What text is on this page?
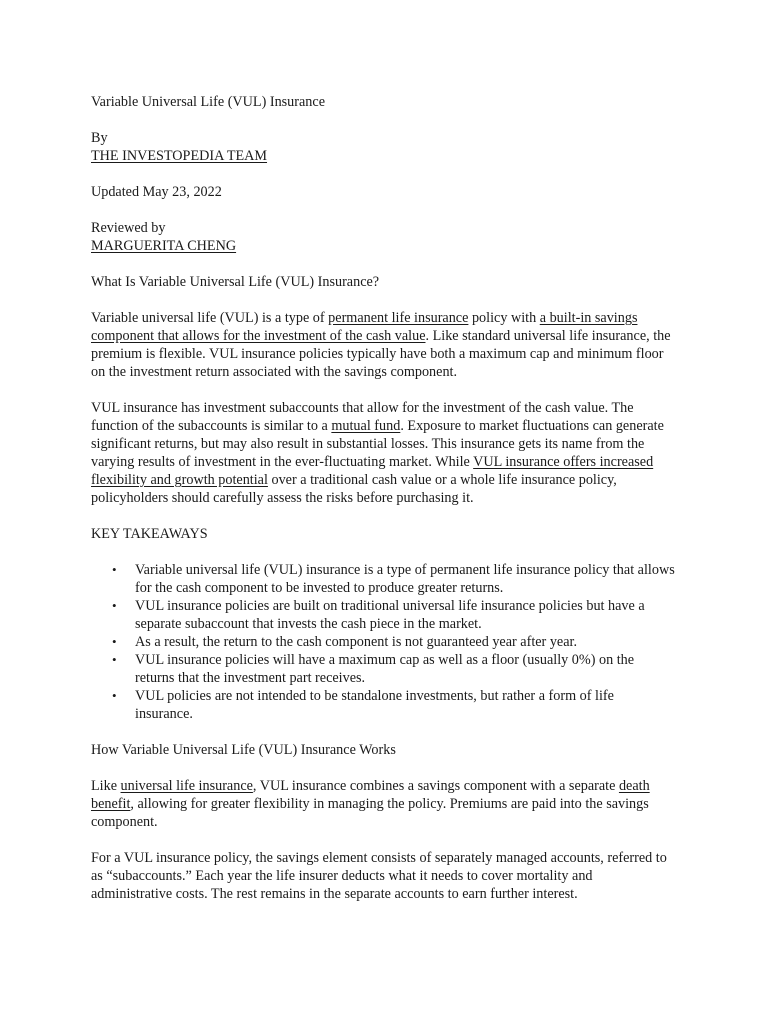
Variable Universal Life (VUL) Insurance

By

THE INVESTOPEDIA TEAM

Updated May 23, 2022

Reviewed by

MARGUERITA CHENG

What Is Variable Universal Life (VUL) Insurance?

Variable universal life (VUL) is a type of permanent life insurance policy with a built-in savings component that allows for the investment of the cash value. Like standard universal life insurance, the premium is flexible. VUL insurance policies typically have both a maximum cap and minimum floor on the investment return associated with the savings component.

VUL insurance has investment subaccounts that allow for the investment of the cash value. The function of the subaccounts is similar to a mutual fund. Exposure to market fluctuations can generate significant returns, but may also result in substantial losses. This insurance gets its name from the varying results of investment in the ever-fluctuating market. While VUL insurance offers increased flexibility and growth potential over a traditional cash value or a whole life insurance policy, policyholders should carefully assess the risks before purchasing it.

KEY TAKEAWAYS

• Variable universal life (VUL) insurance is a type of permanent life insurance policy that allows for the cash component to be invested to produce greater returns.
• VUL insurance policies are built on traditional universal life insurance policies but have a separate subaccount that invests the cash piece in the market.
• As a result, the return to the cash component is not guaranteed year after year.
• VUL insurance policies will have a maximum cap as well as a floor (usually 0%) on the returns that the investment part receives.
• VUL policies are not intended to be standalone investments, but rather a form of life insurance.

How Variable Universal Life (VUL) Insurance Works

Like universal life insurance, VUL insurance combines a savings component with a separate death benefit, allowing for greater flexibility in managing the policy. Premiums are paid into the savings component.

For a VUL insurance policy, the savings element consists of separately managed accounts, referred to as “subaccounts.” Each year the life insurer deducts what it needs to cover mortality and administrative costs. The rest remains in the separate accounts to earn further interest.
